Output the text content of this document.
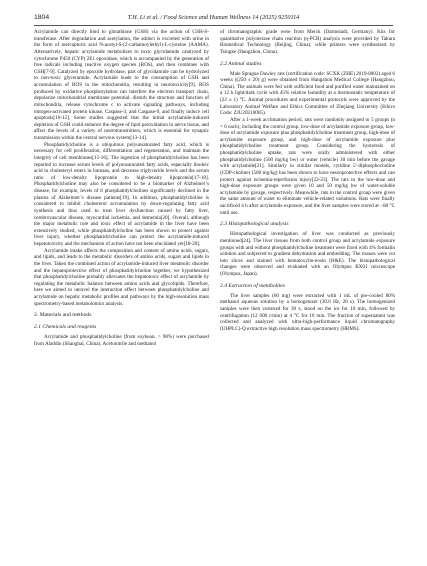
1804	T.H. Li et al. / Food Science and Human Wellness 14 (2025) 9250114

Acrylamide can directly bind to glutathione (GSH) via the action of GSH-S-transferase. After degradation and acetylation, the adduct is excreted with urine in the form of mercapturic acid N-acetyl-S-(2-carbamoylethyl)-L-cysteine (AAMA). Alternatively, hepatic acrylamide metabolizes to toxic glycidamide catalyzed by cytochrome P450 (CYP) 2E1 epoxidase, which is accompanied by the generation of free radicals including reactive oxygen species (ROS), and then combines with GSH[7-9]. Catalyzed by epoxide hydrolase, part of glycidamide can be hydrolyzed to non-toxic glyceramide. Acrylamide leads to the consumption of GSH and accumulation of ROS in the mitochondria, resulting in neurotoxicity[9]. ROS produced by oxidative phosphorylation can interfere the electron transport chain, depolarize mitochondrial membrane potential, disturb the structure and function of mitochondria, release cytochrome c to activate signaling pathways, including mitogen-activated protein kinase, Caspase-3, and Caspase-9, and finally induce cell apoptosis[10-12]. Some studies suggested that the initial acrylamide-induced depletion of GSH could enhance the degree of lipid peroxidation in nerve tissue, and affect the levels of a variety of neurotransmitters, which is essential for synaptic transmission within the central nervous system[13-14].

Phosphatidylcholine is a ubiquitous polyunsaturated fatty acid, which is necessary for cell proliferation, differentiation and regeneration, and maintain the integrity of cell membranes[15-16]. The ingestion of phosphatidylcholine has been reported to increase serum levels of polyunsaturated fatty acids, especially linoleic acid in cholesteryl esters in humans, and decrease triglyceride levels and the serum ratio of low-density lipoprotein to high-density lipoprotein[17-18]. Phosphatidylcholine may also be considered to be a biomarker of Alzheimer’s disease, for example, levels of 8 phosphatidylcholines significantly declined in the plasma of Alzheimer’s disease patients[19]. In addition, phosphatidylcholine is considered to inhibit cholesterol accumulation by down-regulating fatty acid synthesis and thus used to treat liver dysfunction caused by fatty liver, cerebrovascular disease, myocardial ischemia, and dementia[20]. Overall, although the major metabolic role and toxic effect of acrylamide in the liver have been extensively studied, while phosphatidylcholine has been shown to protect against liver injury, whether phosphatidylcholine can protect the acrylamide-induced hepatotoxicity and the mechanism of action have not been elucidated yet[18-20].

Acrylamide intake affects the composition and content of amino acids, sugars, and lipids, and leads to the metabolic disorders of amino acids, sugars and lipids in the liver. Taken the combined action of acrylamide-induced liver metabolic disorder and the hepatoprotective effect of phosphatidylcholine together, we hypothesized that phosphatidylcholine probably alleviates the hepatotoxic effect of acrylamide by regulating the metabolic balance between amino acids and glycolipids. Therefore, here we aimed to unravel the interaction effect between phosphatidylcholine and acrylamide on hepatic metabolic profiles and pathways by the high-resolution mass spectrometry-based metabolomics analysis.

2. Materials and methods
2.1 Chemicals and reagents

Acrylamide and phosphatidylcholine (from soybean, > 98%) were purchased from Aladdin (Shanghai, China). Acetonitrile and methanol

of chromatographic grade were from Merck (Darmstadt, Germany). Kits for quantitative polymerase chain reaction (q-PCR) analysis were provided by Takara Biomedical Technology (Beijing, China), while primers were synthesized by Tsingke (Hangzhou, China).

2.2 Animal studies

Male Sprague Dawley rats (certification code: SCXK (ZHE) 2019-0002) aged 6 weeks ((250 ± 20) g) were obtained from Hangzhou Medical College (Hangzhou, China). The animals were fed with sufficient food and purified water maintained on a 12 h light/dark cycle with 45% relative humidity at a thermostatic temperature of (22 ± 1) °C. Animal procedures and experimental protocols were approved by the Laboratory Animal Welfare and Ethics Committee of Zhejiang University (Ethics Code: ZJU20210065).

After a 1-week acclimation period, rats were randomly assigned to 5 groups (n = 6 each), including the control group, low-dose of acrylamide exposure group, low-dose of acrylamide exposure plus phosphatidylcholine treatment group, high-dose of acrylamide exposure group, and high-dose of acrylamide exposure plus phosphatidylcholine treatment group. Considering the hysteresis of phosphatidylcholine uptake, rats were orally administered with either phosphatidylcholine (500 mg/kg bw) or water (vehicle) 30 min before the gavage with acrylamide[21]. Similarly in similar models, cytidine 5′-diphosphocholine (CDP-choline) (500 mg/kg) has been shown to have neuroprotective effects and can protect against ischemia-reperfusion injury[22-23]. The rats in the low-dose and high-dose exposure groups were given 10 and 50 mg/kg bw of water-soluble acrylamide by gavage, respectively. Meanwhile, rats in the control group were given the same amount of water to eliminate vehicle-related variations. Rats were finally sacrificed 4 h after acrylamide exposure, and the liver samples were stored at −80 °C until use.

2.3 Histopathological analysis

Histopathological investigation of liver was conducted as previously mentioned[24]. The liver tissues from both control group and acrylamide exposure groups with and without phosphatidylcholine treatment were fixed with 4% formalin solution and subjected to gradient dehydration and embedding. The tissues were cut into slices and stained with hematoxylin-eosin (H&E). The histopathological changes were observed and evaluated with an Olympus BX61 microscope (Olympus, Japan).

2.4 Extraction of metabolites

The liver samples (60 mg) were extracted with 1 mL of pre-cooled 80% methanol aqueous solution by a homogenizer (30.0 Hz, 20 s). The homogenized samples were then vortexed for 30 s, stood on the ice for 10 min, followed by centrifugation (12 000 r/min) at 4 °C for 10 min. The fraction of supernatant was collected and analyzed with ultra-high-performance liquid chromatography (UHPLC)-Q extractive high resolution mass spectrometry (HRMS).
